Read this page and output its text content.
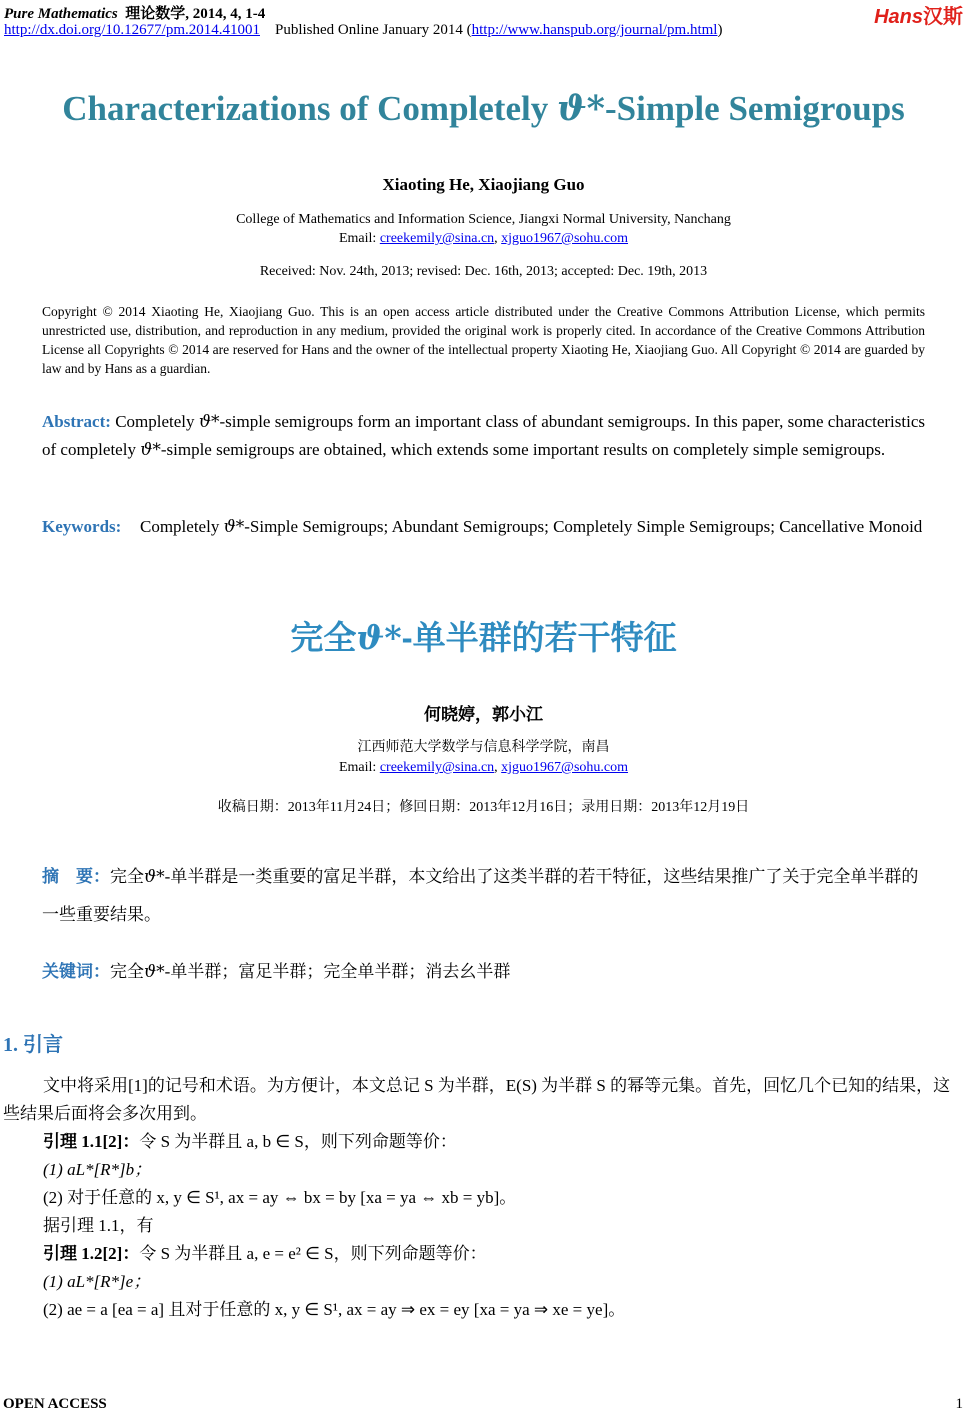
Pure Mathematics 理论数学, 2014, 4, 1-4
http://dx.doi.org/10.12677/pm.2014.41001 Published Online January 2014 (http://www.hanspub.org/journal/pm.html)
Hans汉斯
Characterizations of Completely ϑ*-Simple Semigroups
Xiaoting He, Xiaojiang Guo
College of Mathematics and Information Science, Jiangxi Normal University, Nanchang
Email: creekemily@sina.cn, xjguo1967@sohu.com
Received: Nov. 24th, 2013; revised: Dec. 16th, 2013; accepted: Dec. 19th, 2013
Copyright © 2014 Xiaoting He, Xiaojiang Guo. This is an open access article distributed under the Creative Commons Attribution License, which permits unrestricted use, distribution, and reproduction in any medium, provided the original work is properly cited. In accordance of the Creative Commons Attribution License all Copyrights © 2014 are reserved for Hans and the owner of the intellectual property Xiaoting He, Xiaojiang Guo. All Copyright © 2014 are guarded by law and by Hans as a guardian.
Abstract: Completely ϑ*-simple semigroups form an important class of abundant semigroups. In this paper, some characteristics of completely ϑ*-simple semigroups are obtained, which extends some important results on completely simple semigroups.
Keywords: Completely ϑ*-Simple Semigroups; Abundant Semigroups; Completely Simple Semigroups; Cancellative Monoid
完全ϑ*-单半群的若干特征
何晓婷，郭小江
江西师范大学数学与信息科学学院，南昌
Email: creekemily@sina.cn, xjguo1967@sohu.com
收稿日期：2013年11月24日；修回日期：2013年12月16日；录用日期：2013年12月19日
摘　要：完全ϑ*-单半群是一类重要的富足半群，本文给出了这类半群的若干特征，这些结果推广了关于完全单半群的一些重要结果。
关键词：完全ϑ*-单半群；富足半群；完全单半群；消去幺半群
1. 引言

文中将采用[1]的记号和术语。为方便计，本文总记 S 为半群，E(S) 为半群 S 的幂等元集。首先，回忆几个已知的结果，这些结果后面将会多次用到。

引理 1.1[2]：令 S 为半群且 a, b ∈ S，则下列命题等价：

(1) aL*[R*]b；

(2) 对于任意的 x, y ∈ S¹, ax = ay ⇔ bx = by [xa = ya ⇔ xb = yb]。

据引理 1.1，有

引理 1.2[2]：令 S 为半群且 a, e = e² ∈ S，则下列命题等价：

(1) aL*[R*]e；

(2) ae = a [ea = a] 且对于任意的 x, y ∈ S¹, ax = ay ⇒ ex = ey [xa = ya ⇒ xe = ye]。

OPEN ACCESS	1
